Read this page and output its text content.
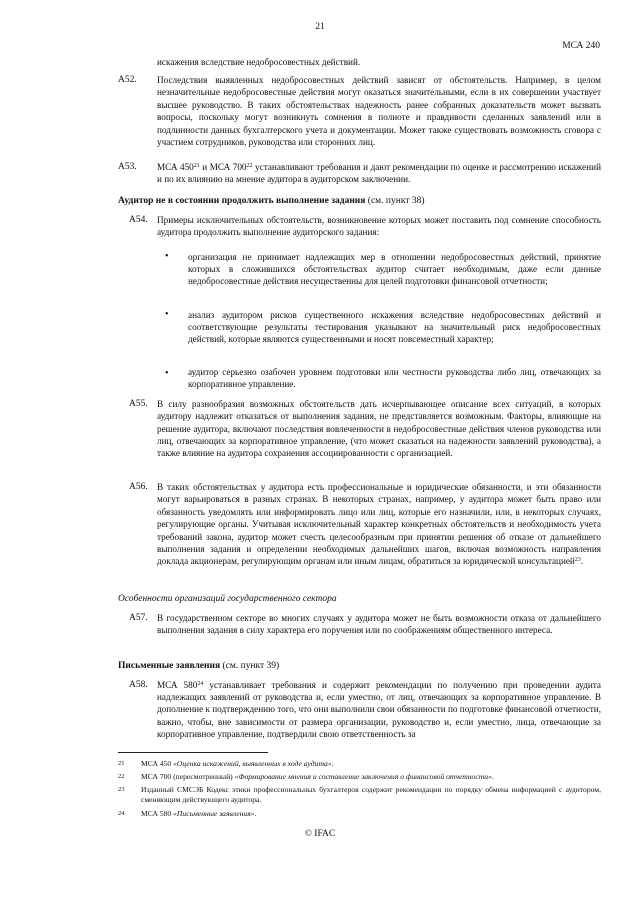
21
МСА 240
искажения вследствие недобросовестных действий.
A52. Последствия выявленных недобросовестных действий зависят от обстоятельств. Например, в целом незначительные недобросовестные действия могут оказаться значительными, если в их совершении участвует высшее руководство. В таких обстоятельствах надежность ранее собранных доказательств может вызвать вопросы, поскольку могут возникнуть сомнения в полноте и правдивости сделанных заявлений или в подлинности данных бухгалтерского учета и документации. Может также существовать возможность сговора с участием сотрудников, руководства или сторонних лиц.
A53. МСА $450^{21}$ и МСА $700^{22}$ устанавливают требования и дают рекомендации по оценке и рассмотрению искажений и по их влиянию на мнение аудитора в аудиторском заключении.
Аудитор не в состоянии продолжить выполнение задания (см. пункт 38)
A54. Примеры исключительных обстоятельств, возникновение которых может поставить под сомнение способность аудитора продолжить выполнение аудиторского задания:
• организация не принимает надлежащих мер в отношении недобросовестных действий, принятие которых в сложившихся обстоятельствах аудитор считает необходимым, даже если данные недобросовестные действия несущественны для целей подготовки финансовой отчетности;
• анализ аудитором рисков существенного искажения вследствие недобросовестных действий и соответствующие результаты тестирования указывают на значительный риск недобросовестных действий, которые являются существенными и носят повсеместный характер;
• аудитор серьезно озабочен уровнем подготовки или честности руководства либо лиц, отвечающих за корпоративное управление.
A55. В силу разнообразия возможных обстоятельств дать исчерпывающее описание всех ситуаций, в которых аудитору надлежит отказаться от выполнения задания, не представляется возможным. Факторы, влияющие на решение аудитора, включают последствия вовлеченности в недобросовестные действия членов руководства или лиц, отвечающих за корпоративное управление, (что может сказаться на надежности заявлений руководства), а также влияние на аудитора сохранения ассоциированности с организацией.
A56. В таких обстоятельствах у аудитора есть профессиональные и юридические обязанности, и эти обязанности могут варьироваться в разных странах. В некоторых странах, например, у аудитора может быть право или обязанность уведомлять или информировать лицо или лиц, которые его назначили, или, в некоторых случаях, регулирующие органы. Учитывая исключительный характер конкретных обстоятельств и необходимость учета требований закона, аудитор может счесть целесообразным при принятии решения об отказе от дальнейшего выполнения задания и определении необходимых дальнейших шагов, включая возможность направления доклада акционерам, регулирующим органам или иным лицам, обратиться за юридической консультацией$^{23}$.
Особенности организаций государственного сектора
A57. В государственном секторе во многих случаях у аудитора может не быть возможности отказа от дальнейшего выполнения задания в силу характера его поручения или по соображениям общественного интереса.
Письменные заявления (см. пункт 39)
A58. МСА $580^{24}$ устанавливает требования и содержит рекомендации по получению при проведении аудита надлежащих заявлений от руководства и, если уместно, от лиц, отвечающих за корпоративное управление. В дополнение к подтверждению того, что они выполнили свои обязанности по подготовке финансовой отчетности, важно, чтобы, вне зависимости от размера организации, руководство и, если уместно, лица, отвечающие за корпоративное управление, подтвердили свою ответственность за
21 МСА 450 «Оценка искажений, выявленных в ходе аудита».
22 МСА 700 (пересмотренный) «Формирование мнения и составление заключения о финансовой отчетности».
23 Изданный СМСЭБ Кодекс этики профессиональных бухгалтеров содержит рекомендации по порядку обмена информацией с аудитором, сменяющим действующего аудитора.
24 МСА 580 «Письменные заявления».
© IFAC
